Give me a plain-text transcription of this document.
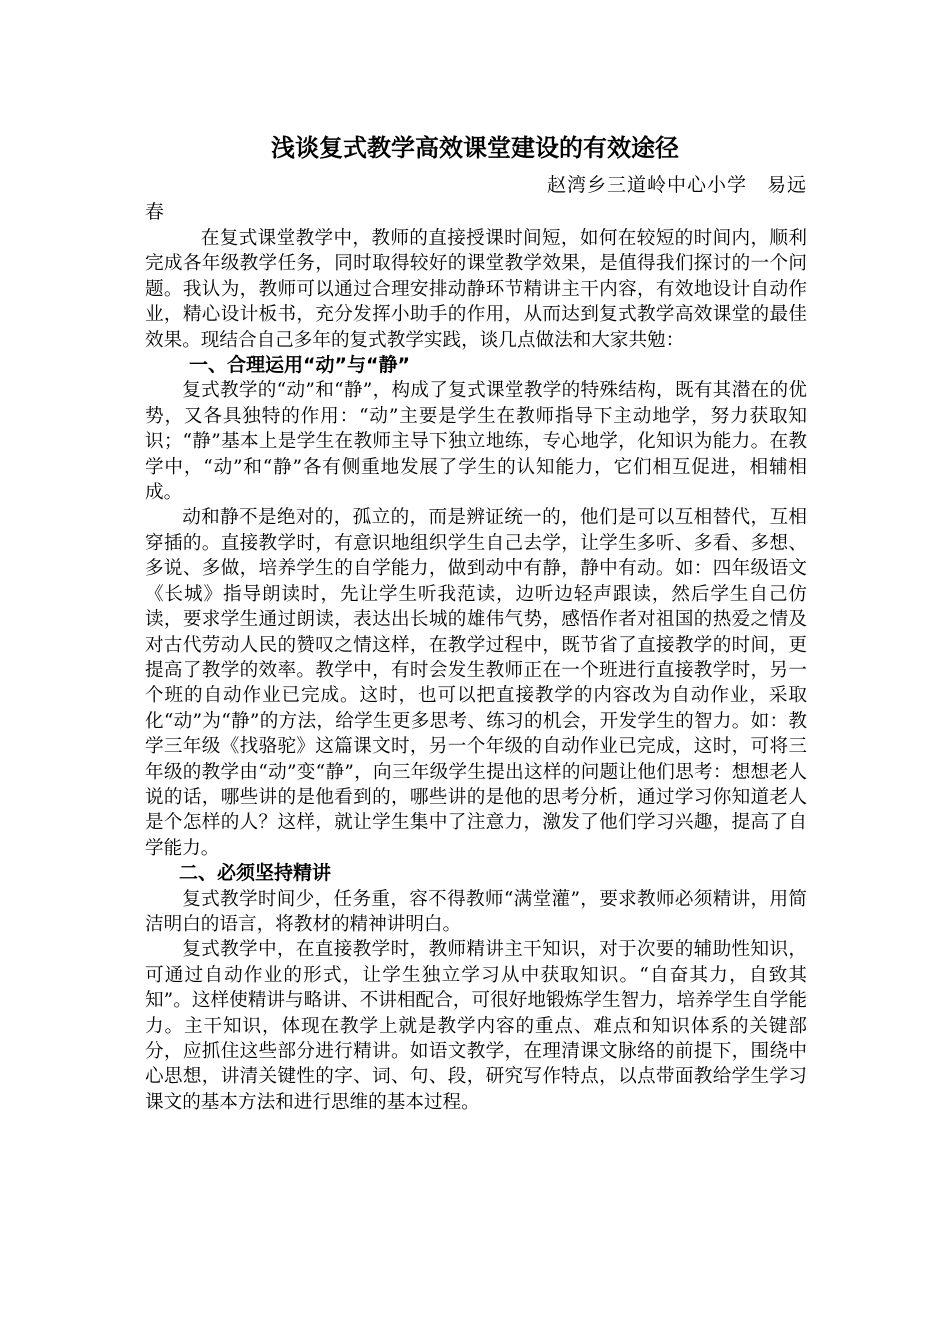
浅谈复式教学高效课堂建设的有效途径
赵湾乡三道岭中心小学　易远
春

在复式课堂教学中，教师的直接授课时间短，如何在较短的时间内，顺利完成各年级教学任务，同时取得较好的课堂教学效果，是值得我们探讨的一个问题。我认为，教师可以通过合理安排动静环节精讲主干内容，有效地设计自动作业，精心设计板书，充分发挥小助手的作用，从而达到复式教学高效课堂的最佳效果。现结合自己多年的复式教学实践，谈几点做法和大家共勉：

一、合理运用“动”与“静”

复式教学的“动”和“静”，构成了复式课堂教学的特殊结构，既有其潜在的优势，又各具独特的作用：“动”主要是学生在教师指导下主动地学，努力获取知识；“静”基本上是学生在教师主导下独立地练，专心地学，化知识为能力。在教学中，“动”和“静”各有侧重地发展了学生的认知能力，它们相互促进，相辅相成。

动和静不是绝对的，孤立的，而是辨证统一的，他们是可以互相替代，互相穿插的。直接教学时，有意识地组织学生自己去学，让学生多听、多看、多想、多说、多做，培养学生的自学能力，做到动中有静，静中有动。如：四年级语文《长城》指导朗读时，先让学生听我范读，边听边轻声跟读，然后学生自己仿读，要求学生通过朗读，表达出长城的雄伟气势，感悟作者对祖国的热爱之情及对古代劳动人民的赞叹之情这样，在教学过程中，既节省了直接教学的时间，更提高了教学的效率。教学中，有时会发生教师正在一个班进行直接教学时，另一个班的自动作业已完成。这时，也可以把直接教学的内容改为自动作业，采取化“动”为“静”的方法，给学生更多思考、练习的机会，开发学生的智力。如：教学三年级《找骆驼》这篇课文时，另一个年级的自动作业已完成，这时，可将三年级的教学由“动”变“静”，向三年级学生提出这样的问题让他们思考：想想老人说的话，哪些讲的是他看到的，哪些讲的是他的思考分析，通过学习你知道老人是个怎样的人？这样，就让学生集中了注意力，激发了他们学习兴趣，提高了自学能力。

二、必须坚持精讲

复式教学时间少，任务重，容不得教师“满堂灌”，要求教师必须精讲，用简洁明白的语言，将教材的精神讲明白。

复式教学中，在直接教学时，教师精讲主干知识，对于次要的辅助性知识，可通过自动作业的形式，让学生独立学习从中获取知识。“自奋其力，自致其知”。这样使精讲与略讲、不讲相配合，可很好地锻炼学生智力，培养学生自学能力。主干知识，体现在教学上就是教学内容的重点、难点和知识体系的关键部分，应抓住这些部分进行精讲。如语文教学，在理清课文脉络的前提下，围绕中心思想，讲清关键性的字、词、句、段，研究写作特点，以点带面教给学生学习课文的基本方法和进行思维的基本过程。
